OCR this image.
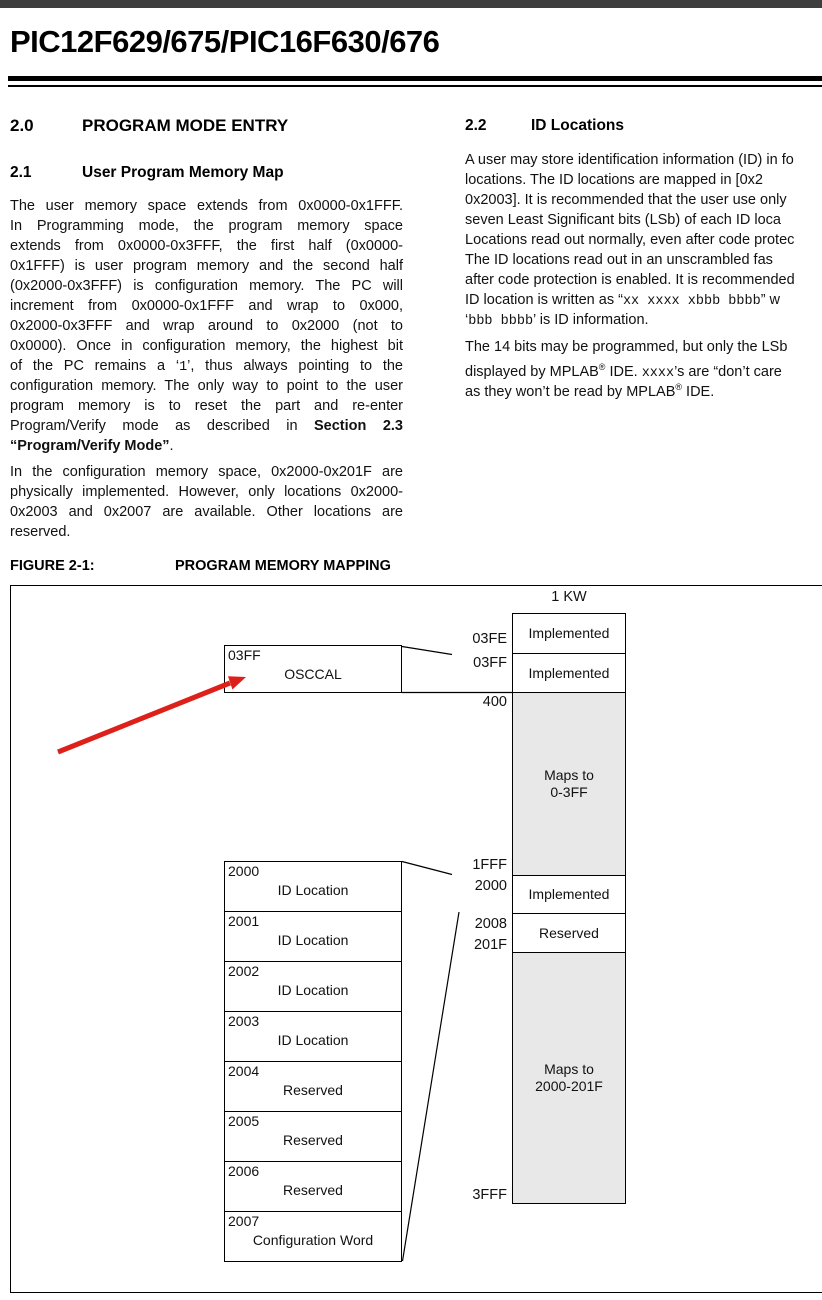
PIC12F629/675/PIC16F630/676
2.0	PROGRAM MODE ENTRY
2.1	User Program Memory Map
2.2	ID Locations
The user memory space extends from 0x0000-0x1FFF.
In Programming mode, the program memory space
extends from 0x0000-0x3FFF, the first half (0x0000-
0x1FFF) is user program memory and the second half
(0x2000-0x3FFF) is configuration memory. The PC will
increment from 0x0000-0x1FFF and wrap to 0x000,
0x2000-0x3FFF and wrap around to 0x2000 (not to
0x0000). Once in configuration memory, the highest bit
of the PC remains a ‘1’, thus always pointing to the
configuration memory. The only way to point to the user
program memory is to reset the part and re-enter
Program/Verify mode as described in Section 2.3
“Program/Verify Mode”.
In the configuration memory space, 0x2000-0x201F are
physically implemented. However, only locations 0x2000-
0x2003 and 0x2007 are available. Other locations are
reserved.
A user may store identification information (ID) in fo
locations. The ID locations are mapped in [0x2
0x2003]. It is recommended that the user use only
seven Least Significant bits (LSb) of each ID loca
Locations read out normally, even after code protec
The ID locations read out in an unscrambled fas
after code protection is enabled. It is recommended
ID location is written as “xx xxxx xbbb bbbb” w
‘bbb bbbb’ is ID information.
The 14 bits may be programmed, but only the LSb
displayed by MPLAB® IDE. xxxx’s are “don’t care
as they won’t be read by MPLAB® IDE.
FIGURE 2-1:	PROGRAM MEMORY MAPPING
1 KW
Implemented
Implemented
Maps to
0-3FF
Implemented
Reserved
Maps to
2000-201F
03FE
03FF
400
1FFF
2000
2008
201F
3FFF
03FF
OSCCAL
2000
ID Location
2001
ID Location
2002
ID Location
2003
ID Location
2004
Reserved
2005
Reserved
2006
Reserved
2007
Configuration Word
